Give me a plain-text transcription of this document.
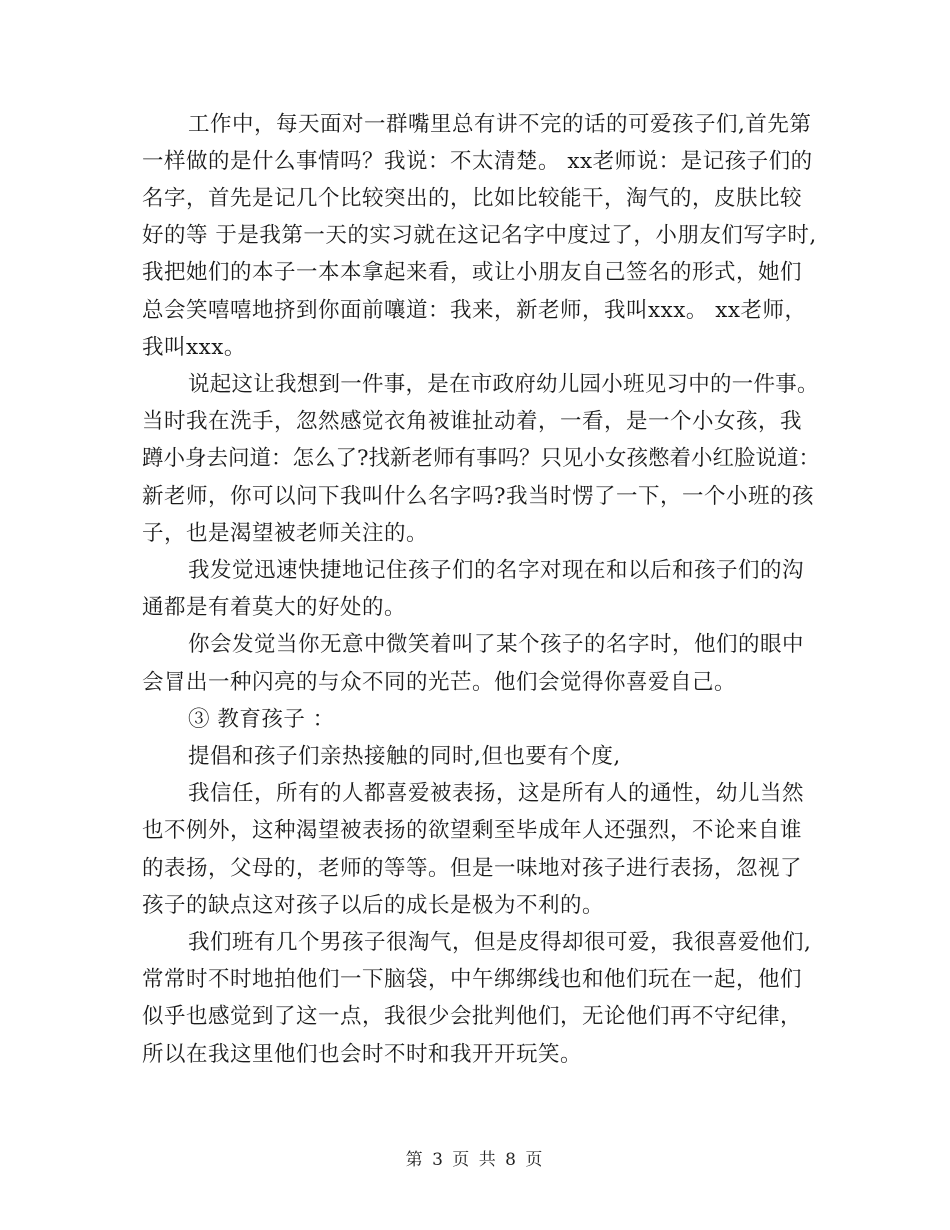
工作中，每天面对一群嘴里总有讲不完的话的可爱孩子们,首先第
一样做的是什么事情吗？我说：不太清楚。 xx老师说：是记孩子们的
名字，首先是记几个比较突出的，比如比较能干，淘气的，皮肤比较
好的等 于是我第一天的实习就在这记名字中度过了，小朋友们写字时,
我把她们的本子一本本拿起来看，或让小朋友自己签名的形式，她们
总会笑嘻嘻地挤到你面前嚷道：我来，新老师，我叫xxx。 xx老师，
我叫xxx。
说起这让我想到一件事，是在市政府幼儿园小班见习中的一件事。
当时我在洗手，忽然感觉衣角被谁扯动着，一看，是一个小女孩，我
蹲小身去问道：怎么了?找新老师有事吗？只见小女孩憋着小红脸说道：
新老师，你可以问下我叫什么名字吗?我当时愣了一下，一个小班的孩
子，也是渴望被老师关注的。
我发觉迅速快捷地记住孩子们的名字对现在和以后和孩子们的沟
通都是有着莫大的好处的。
你会发觉当你无意中微笑着叫了某个孩子的名字时，他们的眼中
会冒出一种闪亮的与众不同的光芒。他们会觉得你喜爱自己。
③ 教育孩子 ：
提倡和孩子们亲热接触的同时,但也要有个度,
我信任，所有的人都喜爱被表扬，这是所有人的通性，幼儿当然
也不例外，这种渴望被表扬的欲望剩至毕成年人还强烈，不论来自谁
的表扬，父母的，老师的等等。但是一味地对孩子进行表扬，忽视了
孩子的缺点这对孩子以后的成长是极为不利的。
我们班有几个男孩子很淘气，但是皮得却很可爱，我很喜爱他们,
常常时不时地拍他们一下脑袋，中午绑绑线也和他们玩在一起，他们
似乎也感觉到了这一点，我很少会批判他们，无论他们再不守纪律，
所以在我这里他们也会时不时和我开开玩笑。
第 3 页 共 8 页
